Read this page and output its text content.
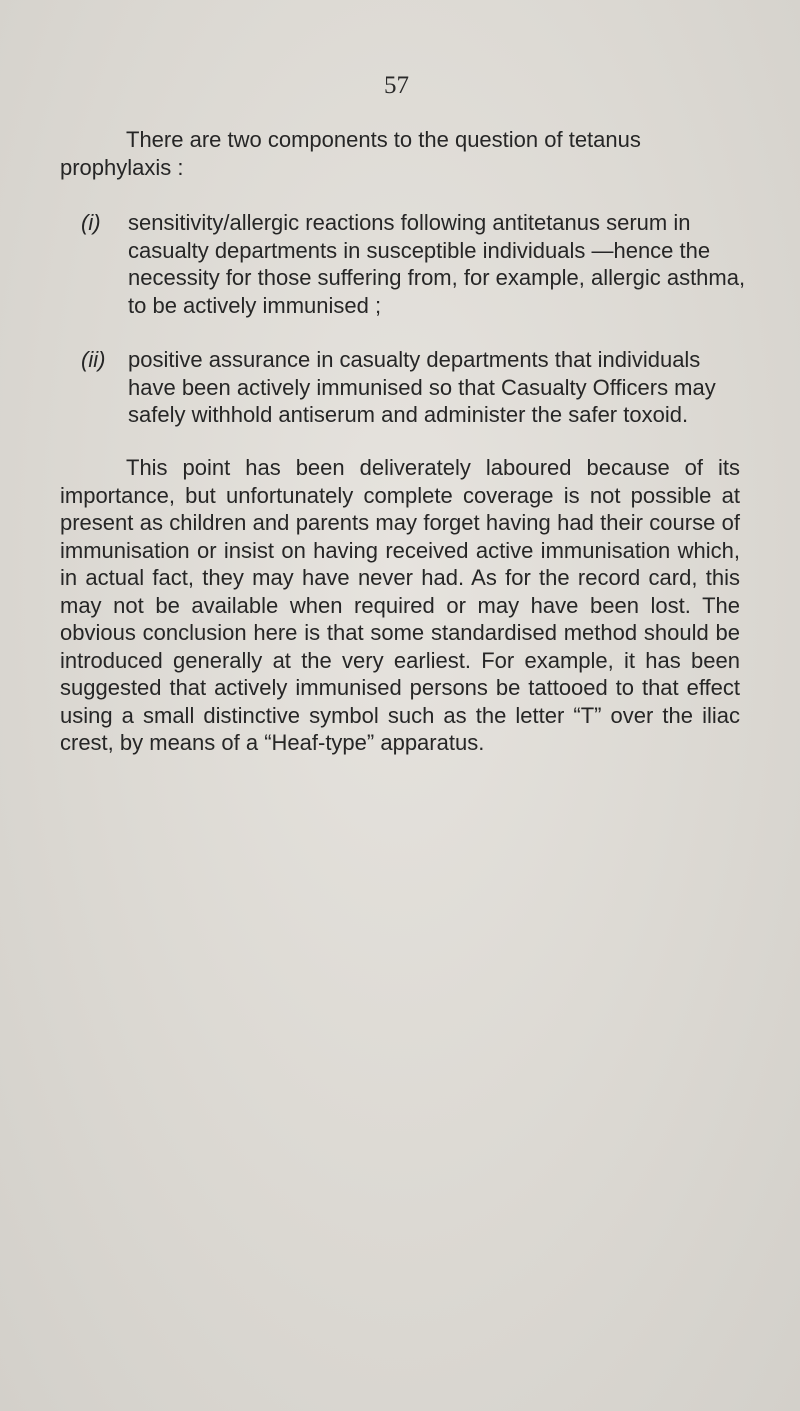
57

There are two components to the question of tetanus prophylaxis :

(i) sensitivity/allergic reactions following antitetanus serum in casualty departments in susceptible individuals —hence the necessity for those suffering from, for example, allergic asthma, to be actively immunised ;
(ii) positive assurance in casualty departments that individuals have been actively immunised so that Casualty Officers may safely withhold antiserum and administer the safer toxoid.

This point has been deliverately laboured because of its importance, but unfortunately complete coverage is not possible at present as children and parents may forget having had their course of immunisation or insist on having received active immunisation which, in actual fact, they may have never had. As for the record card, this may not be available when required or may have been lost. The obvious conclusion here is that some standardised method should be introduced generally at the very earliest. For example, it has been suggested that actively immunised persons be tattooed to that effect using a small distinctive symbol such as the letter “T” over the iliac crest, by means of a “Heaf-type” apparatus.
